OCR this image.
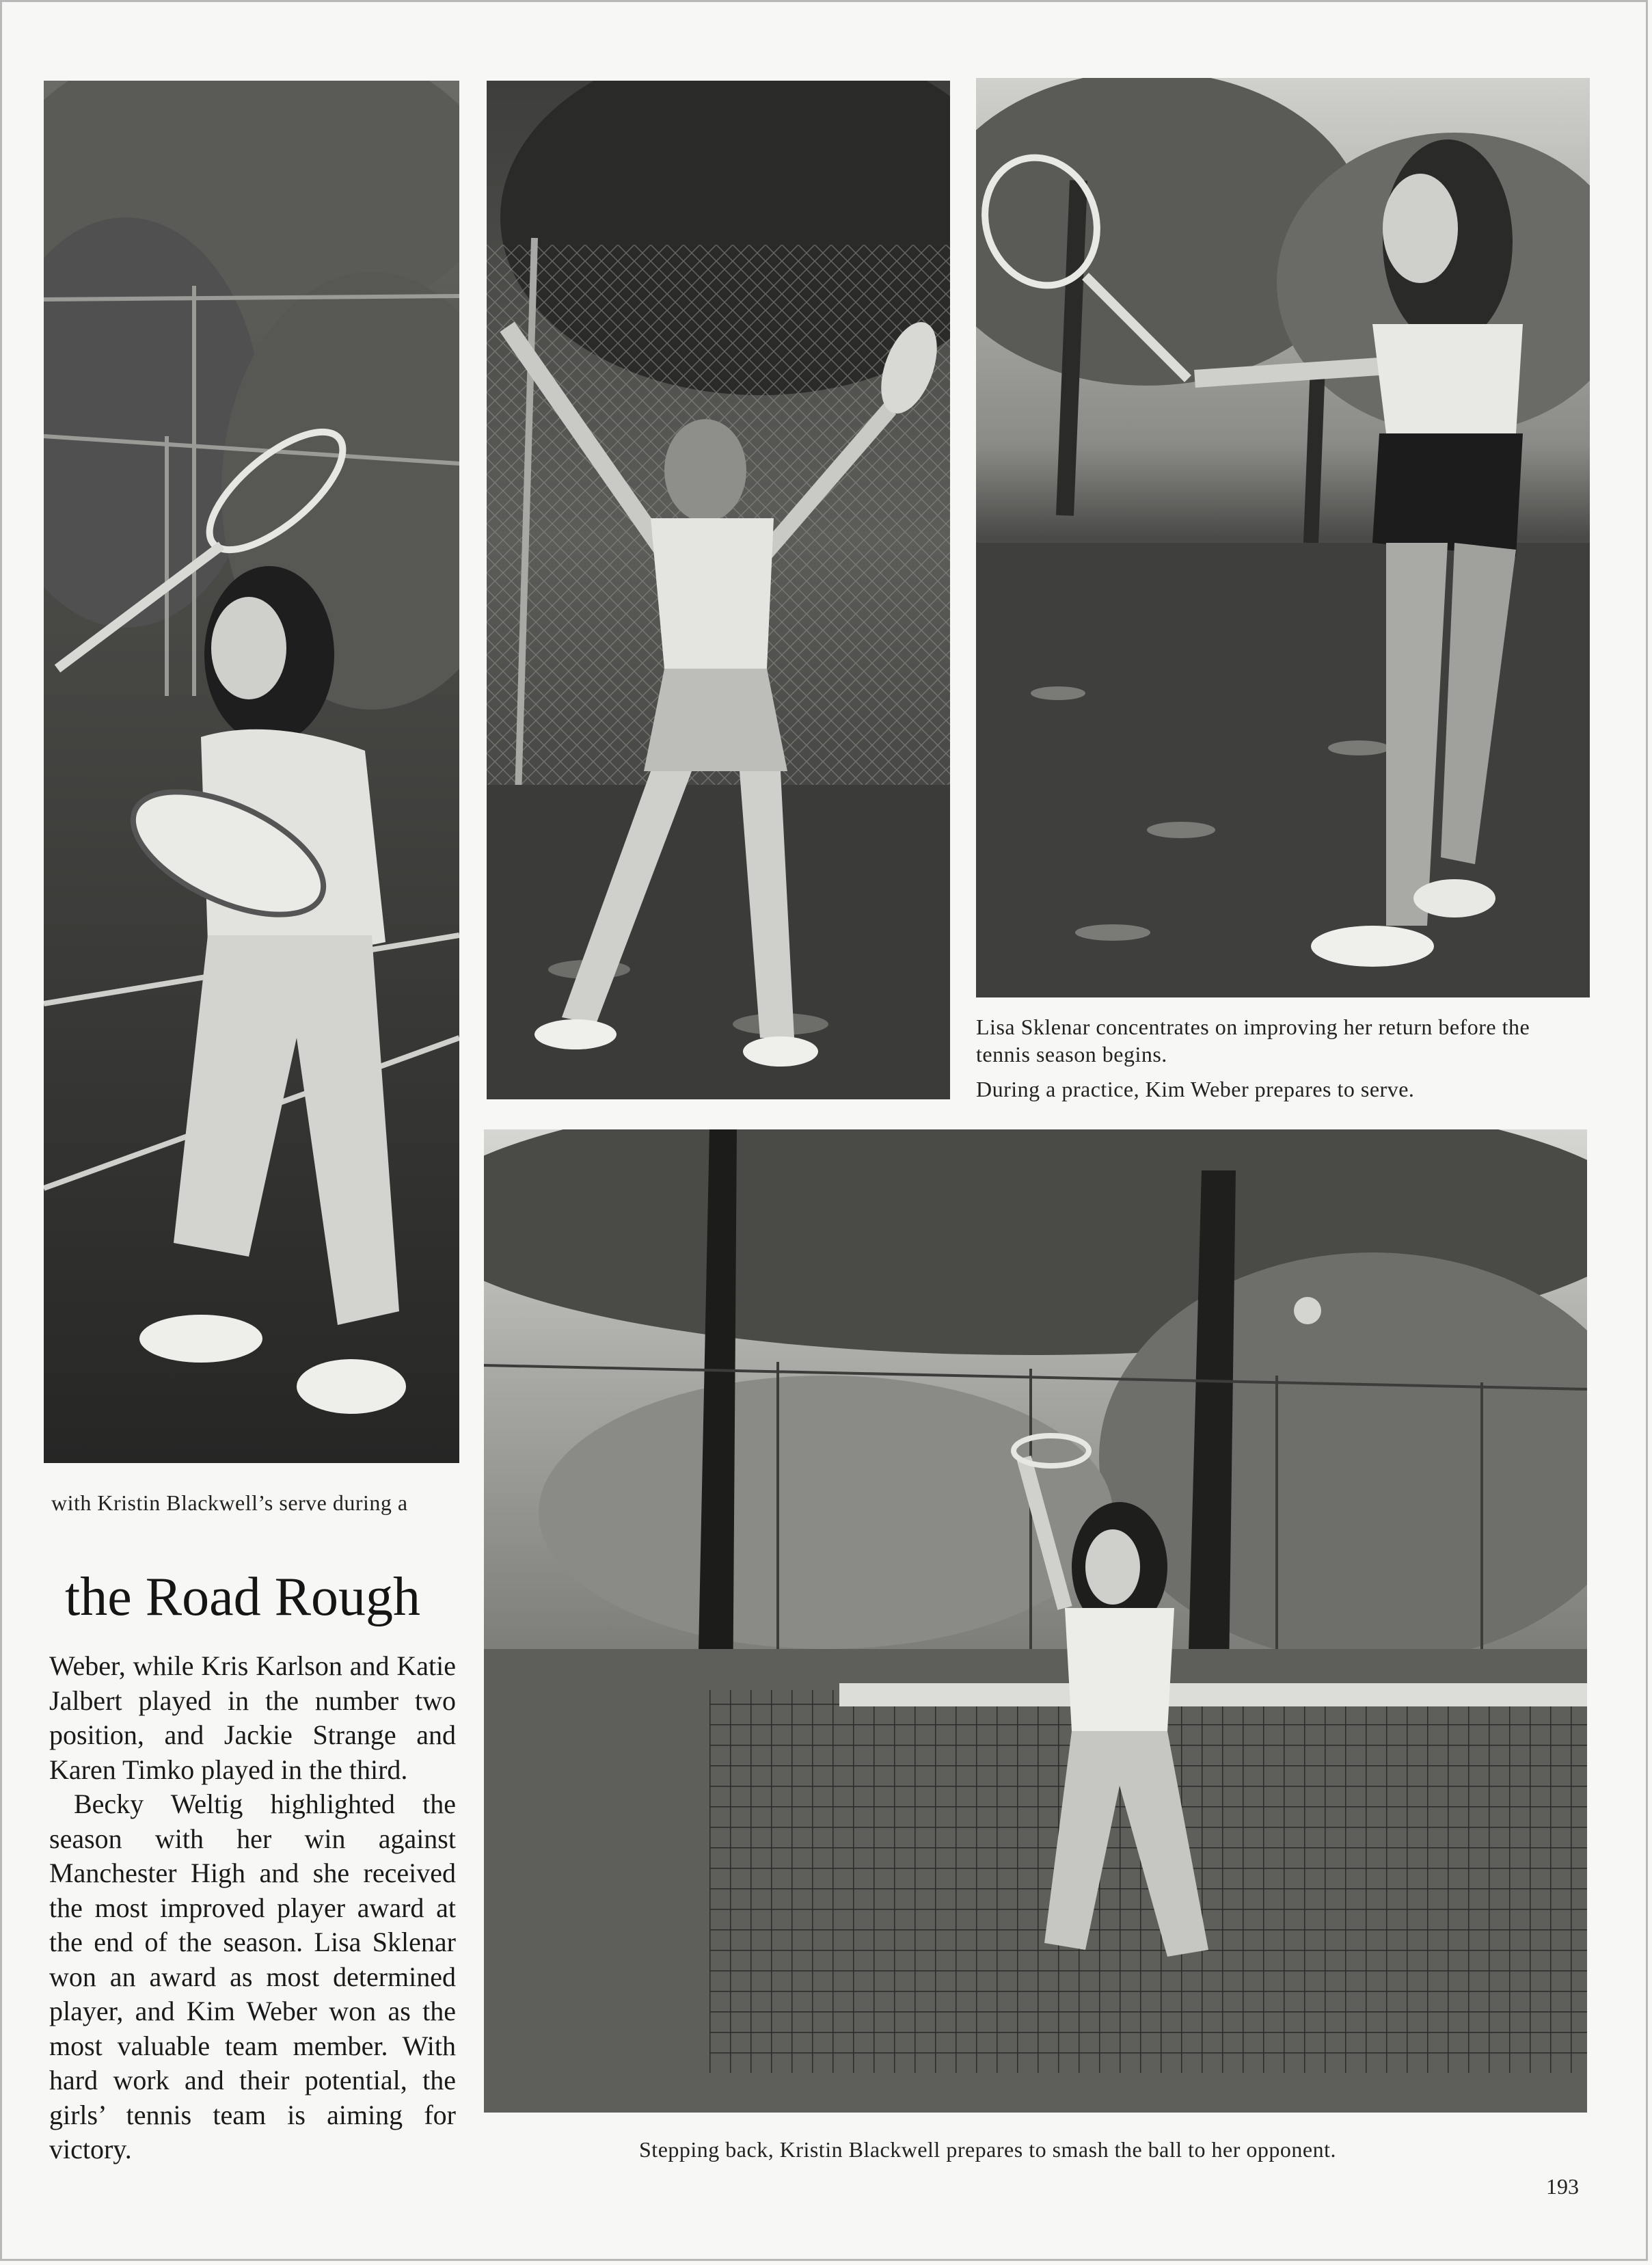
Lisa Sklenar concentrates on improving her return before the
tennis season begins.
During a practice, Kim Weber prepares to serve.
Stepping back, Kristin Blackwell prepares to smash the ball to her opponent.
with Kristin Blackwell’s serve during a
the Road Rough

Weber, while Kris Karlson and Katie Jalbert played in the number two position, and Jackie Strange and Karen Timko played in the third.

Becky Weltig highlighted the season with her win against Manchester High and she received the most improved player award at the end of the season. Lisa Sklenar won an award as most determined player, and Kim Weber won as the most valuable team member. With hard work and their potential, the girls’ tennis team is aiming for victory.

193
